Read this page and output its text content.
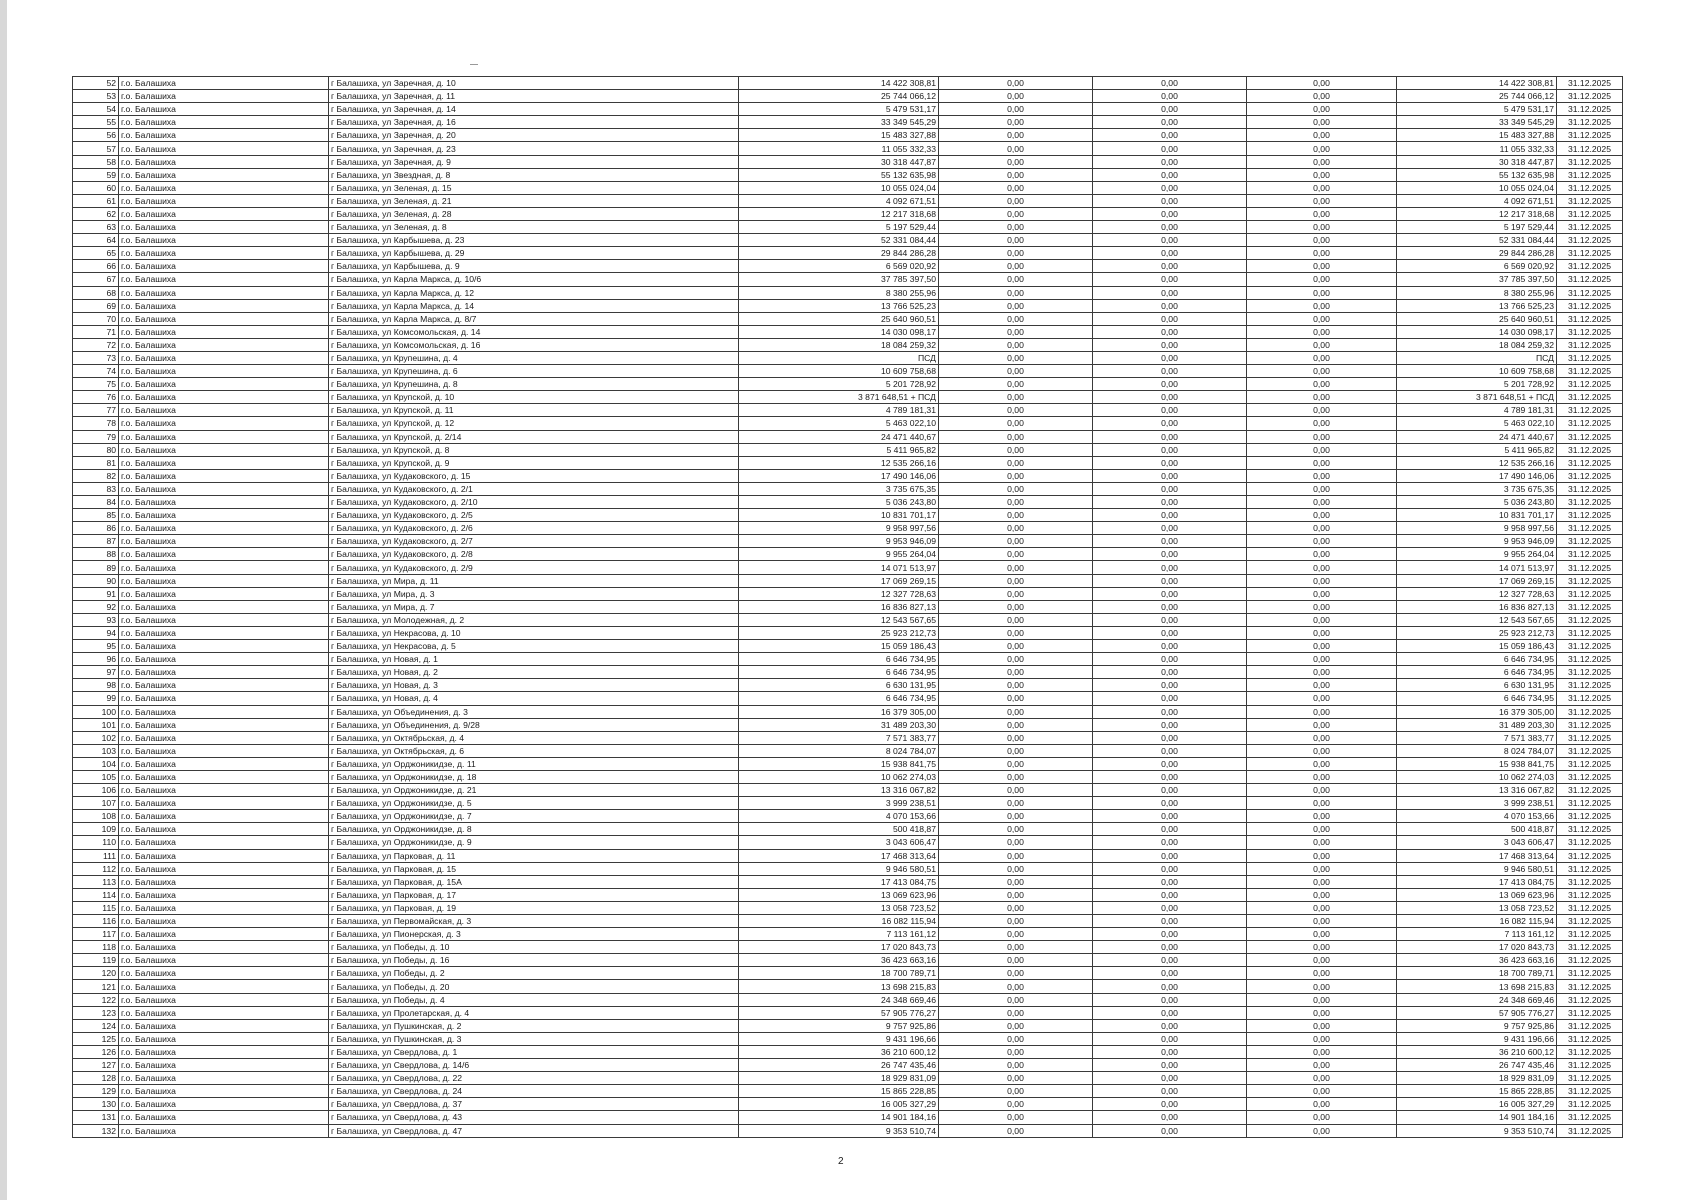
52	г.о. Балашиха	г Балашиха, ул Заречная, д. 10	14 422 308,81	0,00	0,00	0,00	14 422 308,81	31.12.2025
53	г.о. Балашиха	г Балашиха, ул Заречная, д. 11	25 744 066,12	0,00	0,00	0,00	25 744 066,12	31.12.2025
54	г.о. Балашиха	г Балашиха, ул Заречная, д. 14	5 479 531,17	0,00	0,00	0,00	5 479 531,17	31.12.2025
55	г.о. Балашиха	г Балашиха, ул Заречная, д. 16	33 349 545,29	0,00	0,00	0,00	33 349 545,29	31.12.2025
56	г.о. Балашиха	г Балашиха, ул Заречная, д. 20	15 483 327,88	0,00	0,00	0,00	15 483 327,88	31.12.2025
57	г.о. Балашиха	г Балашиха, ул Заречная, д. 23	11 055 332,33	0,00	0,00	0,00	11 055 332,33	31.12.2025
58	г.о. Балашиха	г Балашиха, ул Заречная, д. 9	30 318 447,87	0,00	0,00	0,00	30 318 447,87	31.12.2025
59	г.о. Балашиха	г Балашиха, ул Звездная, д. 8	55 132 635,98	0,00	0,00	0,00	55 132 635,98	31.12.2025
60	г.о. Балашиха	г Балашиха, ул Зеленая, д. 15	10 055 024,04	0,00	0,00	0,00	10 055 024,04	31.12.2025
61	г.о. Балашиха	г Балашиха, ул Зеленая, д. 21	4 092 671,51	0,00	0,00	0,00	4 092 671,51	31.12.2025
62	г.о. Балашиха	г Балашиха, ул Зеленая, д. 28	12 217 318,68	0,00	0,00	0,00	12 217 318,68	31.12.2025
63	г.о. Балашиха	г Балашиха, ул Зеленая, д. 8	5 197 529,44	0,00	0,00	0,00	5 197 529,44	31.12.2025
64	г.о. Балашиха	г Балашиха, ул Карбышева, д. 23	52 331 084,44	0,00	0,00	0,00	52 331 084,44	31.12.2025
65	г.о. Балашиха	г Балашиха, ул Карбышева, д. 29	29 844 286,28	0,00	0,00	0,00	29 844 286,28	31.12.2025
66	г.о. Балашиха	г Балашиха, ул Карбышева, д. 9	6 569 020,92	0,00	0,00	0,00	6 569 020,92	31.12.2025
67	г.о. Балашиха	г Балашиха, ул Карла Маркса, д. 10/6	37 785 397,50	0,00	0,00	0,00	37 785 397,50	31.12.2025
68	г.о. Балашиха	г Балашиха, ул Карла Маркса, д. 12	8 380 255,96	0,00	0,00	0,00	8 380 255,96	31.12.2025
69	г.о. Балашиха	г Балашиха, ул Карла Маркса, д. 14	13 766 525,23	0,00	0,00	0,00	13 766 525,23	31.12.2025
70	г.о. Балашиха	г Балашиха, ул Карла Маркса, д. 8/7	25 640 960,51	0,00	0,00	0,00	25 640 960,51	31.12.2025
71	г.о. Балашиха	г Балашиха, ул Комсомольская, д. 14	14 030 098,17	0,00	0,00	0,00	14 030 098,17	31.12.2025
72	г.о. Балашиха	г Балашиха, ул Комсомольская, д. 16	18 084 259,32	0,00	0,00	0,00	18 084 259,32	31.12.2025
73	г.о. Балашиха	г Балашиха, ул Крупешина, д. 4	ПСД	0,00	0,00	0,00	ПСД	31.12.2025
74	г.о. Балашиха	г Балашиха, ул Крупешина, д. 6	10 609 758,68	0,00	0,00	0,00	10 609 758,68	31.12.2025
75	г.о. Балашиха	г Балашиха, ул Крупешина, д. 8	5 201 728,92	0,00	0,00	0,00	5 201 728,92	31.12.2025
76	г.о. Балашиха	г Балашиха, ул Крупской, д. 10	3 871 648,51 + ПСД	0,00	0,00	0,00	3 871 648,51 + ПСД	31.12.2025
77	г.о. Балашиха	г Балашиха, ул Крупской, д. 11	4 789 181,31	0,00	0,00	0,00	4 789 181,31	31.12.2025
78	г.о. Балашиха	г Балашиха, ул Крупской, д. 12	5 463 022,10	0,00	0,00	0,00	5 463 022,10	31.12.2025
79	г.о. Балашиха	г Балашиха, ул Крупской, д. 2/14	24 471 440,67	0,00	0,00	0,00	24 471 440,67	31.12.2025
80	г.о. Балашиха	г Балашиха, ул Крупской, д. 8	5 411 965,82	0,00	0,00	0,00	5 411 965,82	31.12.2025
81	г.о. Балашиха	г Балашиха, ул Крупской, д. 9	12 535 266,16	0,00	0,00	0,00	12 535 266,16	31.12.2025
82	г.о. Балашиха	г Балашиха, ул Кудаковского, д. 15	17 490 146,06	0,00	0,00	0,00	17 490 146,06	31.12.2025
83	г.о. Балашиха	г Балашиха, ул Кудаковского, д. 2/1	3 735 675,35	0,00	0,00	0,00	3 735 675,35	31.12.2025
84	г.о. Балашиха	г Балашиха, ул Кудаковского, д. 2/10	5 036 243,80	0,00	0,00	0,00	5 036 243,80	31.12.2025
85	г.о. Балашиха	г Балашиха, ул Кудаковского, д. 2/5	10 831 701,17	0,00	0,00	0,00	10 831 701,17	31.12.2025
86	г.о. Балашиха	г Балашиха, ул Кудаковского, д. 2/6	9 958 997,56	0,00	0,00	0,00	9 958 997,56	31.12.2025
87	г.о. Балашиха	г Балашиха, ул Кудаковского, д. 2/7	9 953 946,09	0,00	0,00	0,00	9 953 946,09	31.12.2025
88	г.о. Балашиха	г Балашиха, ул Кудаковского, д. 2/8	9 955 264,04	0,00	0,00	0,00	9 955 264,04	31.12.2025
89	г.о. Балашиха	г Балашиха, ул Кудаковского, д. 2/9	14 071 513,97	0,00	0,00	0,00	14 071 513,97	31.12.2025
90	г.о. Балашиха	г Балашиха, ул Мира, д. 11	17 069 269,15	0,00	0,00	0,00	17 069 269,15	31.12.2025
91	г.о. Балашиха	г Балашиха, ул Мира, д. 3	12 327 728,63	0,00	0,00	0,00	12 327 728,63	31.12.2025
92	г.о. Балашиха	г Балашиха, ул Мира, д. 7	16 836 827,13	0,00	0,00	0,00	16 836 827,13	31.12.2025
93	г.о. Балашиха	г Балашиха, ул Молодежная, д. 2	12 543 567,65	0,00	0,00	0,00	12 543 567,65	31.12.2025
94	г.о. Балашиха	г Балашиха, ул Некрасова, д. 10	25 923 212,73	0,00	0,00	0,00	25 923 212,73	31.12.2025
95	г.о. Балашиха	г Балашиха, ул Некрасова, д. 5	15 059 186,43	0,00	0,00	0,00	15 059 186,43	31.12.2025
96	г.о. Балашиха	г Балашиха, ул Новая, д. 1	6 646 734,95	0,00	0,00	0,00	6 646 734,95	31.12.2025
97	г.о. Балашиха	г Балашиха, ул Новая, д. 2	6 646 734,95	0,00	0,00	0,00	6 646 734,95	31.12.2025
98	г.о. Балашиха	г Балашиха, ул Новая, д. 3	6 630 131,95	0,00	0,00	0,00	6 630 131,95	31.12.2025
99	г.о. Балашиха	г Балашиха, ул Новая, д. 4	6 646 734,95	0,00	0,00	0,00	6 646 734,95	31.12.2025
100	г.о. Балашиха	г Балашиха, ул Объединения, д. 3	16 379 305,00	0,00	0,00	0,00	16 379 305,00	31.12.2025
101	г.о. Балашиха	г Балашиха, ул Объединения, д. 9/28	31 489 203,30	0,00	0,00	0,00	31 489 203,30	31.12.2025
102	г.о. Балашиха	г Балашиха, ул Октябрьская, д. 4	7 571 383,77	0,00	0,00	0,00	7 571 383,77	31.12.2025
103	г.о. Балашиха	г Балашиха, ул Октябрьская, д. 6	8 024 784,07	0,00	0,00	0,00	8 024 784,07	31.12.2025
104	г.о. Балашиха	г Балашиха, ул Орджоникидзе, д. 11	15 938 841,75	0,00	0,00	0,00	15 938 841,75	31.12.2025
105	г.о. Балашиха	г Балашиха, ул Орджоникидзе, д. 18	10 062 274,03	0,00	0,00	0,00	10 062 274,03	31.12.2025
106	г.о. Балашиха	г Балашиха, ул Орджоникидзе, д. 21	13 316 067,82	0,00	0,00	0,00	13 316 067,82	31.12.2025
107	г.о. Балашиха	г Балашиха, ул Орджоникидзе, д. 5	3 999 238,51	0,00	0,00	0,00	3 999 238,51	31.12.2025
108	г.о. Балашиха	г Балашиха, ул Орджоникидзе, д. 7	4 070 153,66	0,00	0,00	0,00	4 070 153,66	31.12.2025
109	г.о. Балашиха	г Балашиха, ул Орджоникидзе, д. 8	500 418,87	0,00	0,00	0,00	500 418,87	31.12.2025
110	г.о. Балашиха	г Балашиха, ул Орджоникидзе, д. 9	3 043 606,47	0,00	0,00	0,00	3 043 606,47	31.12.2025
111	г.о. Балашиха	г Балашиха, ул Парковая, д. 11	17 468 313,64	0,00	0,00	0,00	17 468 313,64	31.12.2025
112	г.о. Балашиха	г Балашиха, ул Парковая, д. 15	9 946 580,51	0,00	0,00	0,00	9 946 580,51	31.12.2025
113	г.о. Балашиха	г Балашиха, ул Парковая, д. 15А	17 413 084,75	0,00	0,00	0,00	17 413 084,75	31.12.2025
114	г.о. Балашиха	г Балашиха, ул Парковая, д. 17	13 069 623,96	0,00	0,00	0,00	13 069 623,96	31.12.2025
115	г.о. Балашиха	г Балашиха, ул Парковая, д. 19	13 058 723,52	0,00	0,00	0,00	13 058 723,52	31.12.2025
116	г.о. Балашиха	г Балашиха, ул Первомайская, д. 3	16 082 115,94	0,00	0,00	0,00	16 082 115,94	31.12.2025
117	г.о. Балашиха	г Балашиха, ул Пионерская, д. 3	7 113 161,12	0,00	0,00	0,00	7 113 161,12	31.12.2025
118	г.о. Балашиха	г Балашиха, ул Победы, д. 10	17 020 843,73	0,00	0,00	0,00	17 020 843,73	31.12.2025
119	г.о. Балашиха	г Балашиха, ул Победы, д. 16	36 423 663,16	0,00	0,00	0,00	36 423 663,16	31.12.2025
120	г.о. Балашиха	г Балашиха, ул Победы, д. 2	18 700 789,71	0,00	0,00	0,00	18 700 789,71	31.12.2025
121	г.о. Балашиха	г Балашиха, ул Победы, д. 20	13 698 215,83	0,00	0,00	0,00	13 698 215,83	31.12.2025
122	г.о. Балашиха	г Балашиха, ул Победы, д. 4	24 348 669,46	0,00	0,00	0,00	24 348 669,46	31.12.2025
123	г.о. Балашиха	г Балашиха, ул Пролетарская, д. 4	57 905 776,27	0,00	0,00	0,00	57 905 776,27	31.12.2025
124	г.о. Балашиха	г Балашиха, ул Пушкинская, д. 2	9 757 925,86	0,00	0,00	0,00	9 757 925,86	31.12.2025
125	г.о. Балашиха	г Балашиха, ул Пушкинская, д. 3	9 431 196,66	0,00	0,00	0,00	9 431 196,66	31.12.2025
126	г.о. Балашиха	г Балашиха, ул Свердлова, д. 1	36 210 600,12	0,00	0,00	0,00	36 210 600,12	31.12.2025
127	г.о. Балашиха	г Балашиха, ул Свердлова, д. 14/6	26 747 435,46	0,00	0,00	0,00	26 747 435,46	31.12.2025
128	г.о. Балашиха	г Балашиха, ул Свердлова, д. 22	18 929 831,09	0,00	0,00	0,00	18 929 831,09	31.12.2025
129	г.о. Балашиха	г Балашиха, ул Свердлова, д. 24	15 865 228,85	0,00	0,00	0,00	15 865 228,85	31.12.2025
130	г.о. Балашиха	г Балашиха, ул Свердлова, д. 37	16 005 327,29	0,00	0,00	0,00	16 005 327,29	31.12.2025
131	г.о. Балашиха	г Балашиха, ул Свердлова, д. 43	14 901 184,16	0,00	0,00	0,00	14 901 184,16	31.12.2025
132	г.о. Балашиха	г Балашиха, ул Свердлова, д. 47	9 353 510,74	0,00	0,00	0,00	9 353 510,74	31.12.2025
2
